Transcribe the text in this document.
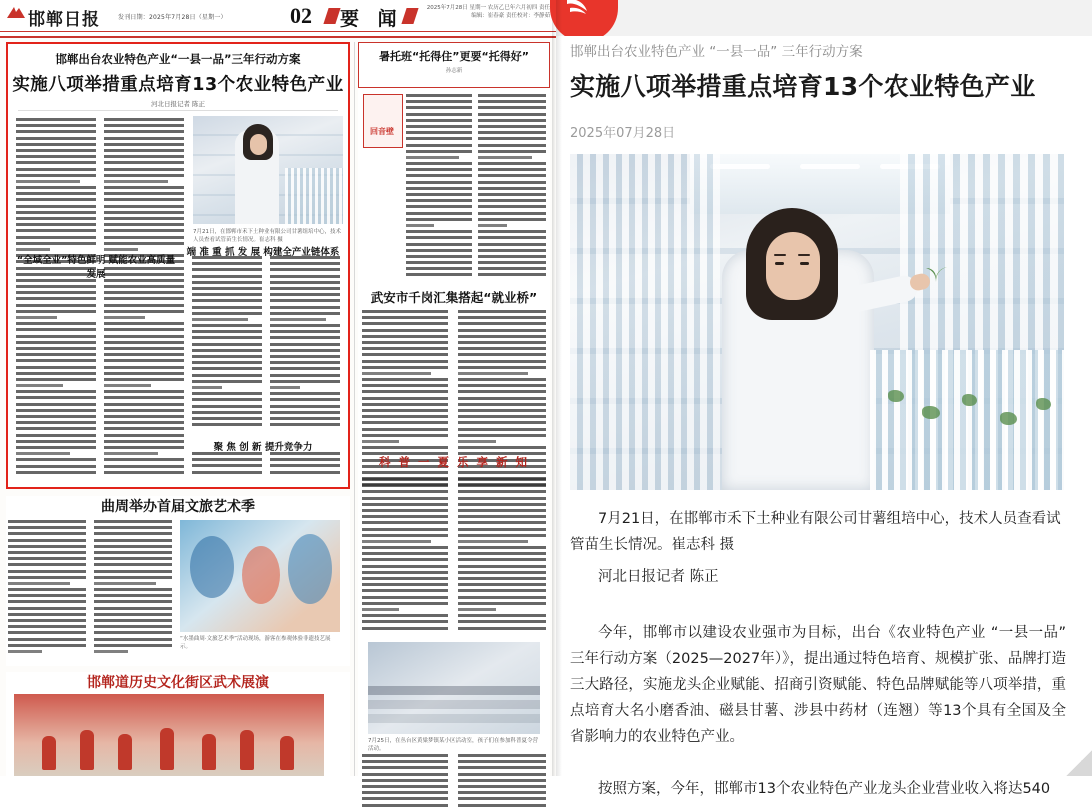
邯郸日报	发刊日期：2025年7月28日（星期一）	02 要 闻	2025年7月28日 星期一 农历乙巳年六月初四 责任编辑：崔春豪 责任校对：李静茹
邯郸出台农业特色产业“一县一品”三年行动方案
实施八项举措重点培育13个农业特色产业
河北日报记者 陈正
7月21日，在邯郸市禾下土种业有限公司甘薯组培中心，技术人员查看试管苗生长情况。崔志科 摄
“全域全业”特色鲜明 赋能农业高质量发展
端 准 重 抓 发 展 构建全产业链体系
聚 焦 创 新 提升竞争力
曲周举办首届文旅艺术季
“水墨曲周·文旅艺术季”活动现场，游客在参观体验非遗技艺展示。
邯郸道历史文化街区武术展演
暑托班“托得住”更要“托得好”
孙志新
回音壁
武安市千岗汇集搭起“就业桥”
科 普 一 夏 乐 享 新 知
7月25日，在丛台区黄粱梦镇某小区活动室，孩子们在参加科普夏令营活动。
邯郸出台农业特色产业 “一县一品” 三年行动方案
实施八项举措重点培育13个农业特色产业
2025年07月28日
7月21日，在邯郸市禾下土种业有限公司甘薯组培中心，技术人员查看试管苗生长情况。崔志科 摄
河北日报记者 陈正
今年，邯郸市以建设农业强市为目标，出台《农业特色产业 “一县一品” 三年行动方案（2025—2027年）》，提出通过特色培育、规模扩张、品牌打造三大路径，实施龙头企业赋能、招商引资赋能、特色品牌赋能等八项举措，重点培育大名小磨香油、磁县甘薯、涉县中药材（连翘）等13个具有全国及全省影响力的农业特色产业。
按照方案，今年，邯郸市13个农业特色产业龙头企业营业收入将达540
